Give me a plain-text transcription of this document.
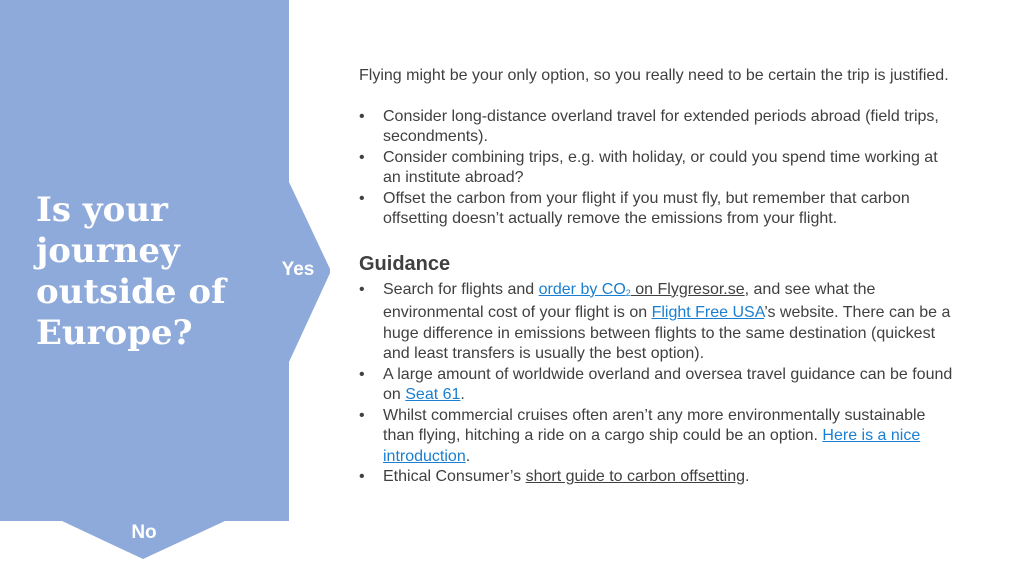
Is your journey outside of Europe?
Yes
No

Flying might be your only option, so you really need to be certain the trip is justified.

• Consider long-distance overland travel for extended periods abroad (field trips, secondments).
• Consider combining trips, e.g. with holiday, or could you spend time working at an institute abroad?
• Offset the carbon from your flight if you must fly, but remember that carbon offsetting doesn’t actually remove the emissions from your flight.
Guidance
• Search for flights and order by $CO_2$ on Flygresor.se, and see what the environmental cost of your flight is on Flight Free USA’s website. There can be a huge difference in emissions between flights to the same destination (quickest and least transfers is usually the best option).
• A large amount of worldwide overland and oversea travel guidance can be found on Seat 61.
• Whilst commercial cruises often aren’t any more environmentally sustainable than flying, hitching a ride on a cargo ship could be an option. Here is a nice introduction.
• Ethical Consumer’s short guide to carbon offsetting.
